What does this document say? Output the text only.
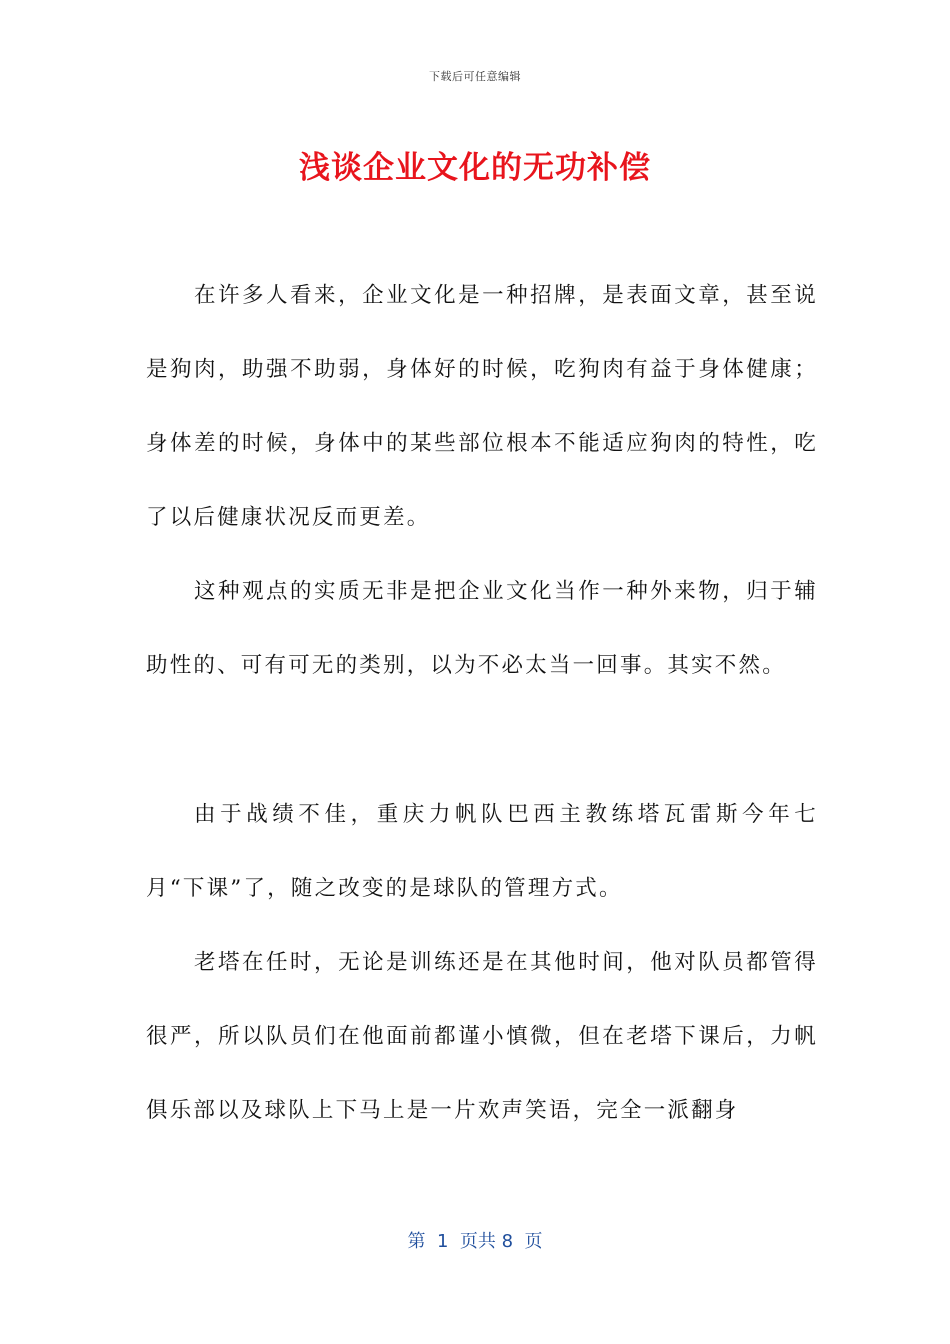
下载后可任意编辑
浅谈企业文化的无功补偿

在许多人看来，企业文化是一种招牌，是表面文章，甚至说是狗肉，助强不助弱，身体好的时候，吃狗肉有益于身体健康；身体差的时候，身体中的某些部位根本不能适应狗肉的特性，吃了以后健康状况反而更差。

这种观点的实质无非是把企业文化当作一种外来物，归于辅助性的、可有可无的类别，以为不必太当一回事。其实不然。

由于战绩不佳，重庆力帆队巴西主教练塔瓦雷斯今年七月“下课”了，随之改变的是球队的管理方式。

老塔在任时，无论是训练还是在其他时间，他对队员都管得很严，所以队员们在他面前都谨小慎微，但在老塔下课后，力帆俱乐部以及球队上下马上是一片欢声笑语，完全一派翻身

第  1  页共 8  页
